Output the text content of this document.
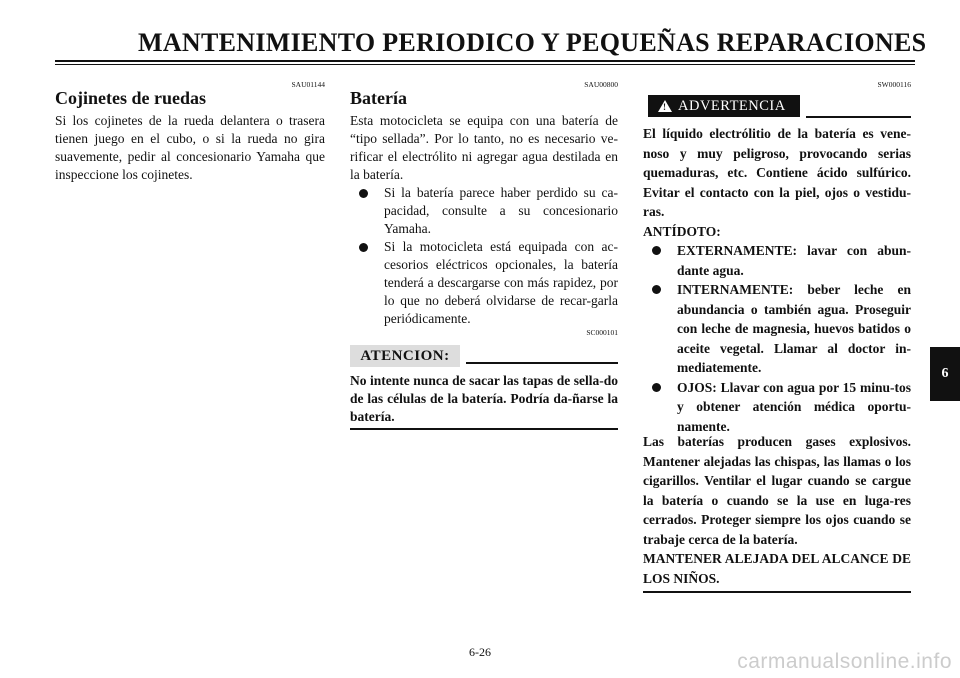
MANTENIMIENTO PERIODICO Y PEQUEÑAS REPARACIONES
SAU01144
Cojinetes de ruedas
Si los cojinetes de la rueda delantera o trasera tienen juego en el cubo, o si la rueda no gira suavemente, pedir al concesionario Yamaha que inspeccione los cojinetes.
SAU00800
Batería
Esta motocicleta se equipa con una batería de “tipo sellada”. Por lo tanto, no es necesario ve-rificar el electrólito ni agregar agua destilada en la batería.
Si la batería parece haber perdido su ca-pacidad, consulte a su concesionario Yamaha.
Si la motocicleta está equipada con ac-cesorios eléctricos opcionales, la batería tenderá a descargarse con más rapidez, por lo que no deberá olvidarse de recar-garla periódicamente.
SC000101
ATENCION:
No intente nunca de sacar las tapas de sella-do de las células de la batería. Podría da-ñarse la batería.
SW000116
! ADVERTENCIA
El líquido electrólitio de la batería es vene-noso y muy peligroso, provocando serias quemaduras, etc. Contiene ácido sulfúrico. Evitar el contacto con la piel, ojos o vestidu-ras.
ANTÍDOTO:
EXTERNAMENTE: lavar con abun-dante agua.
INTERNAMENTE: beber leche en abundancia o también agua. Proseguir con leche de magnesia, huevos batidos o aceite vegetal. Llamar al doctor in-mediatemente.
OJOS: Llavar con agua por 15 minu-tos y obtener atención médica oportu-namente.
Las baterías producen gases explosivos. Mantener alejadas las chispas, las llamas o los cigarillos. Ventilar el lugar cuando se cargue la batería o cuando se la use en luga-res cerrados. Proteger siempre los ojos cuando se trabaje cerca de la batería.
MANTENER ALEJADA DEL ALCANCE DE LOS NIÑOS.
6
6-26	carmanualsonline.info
